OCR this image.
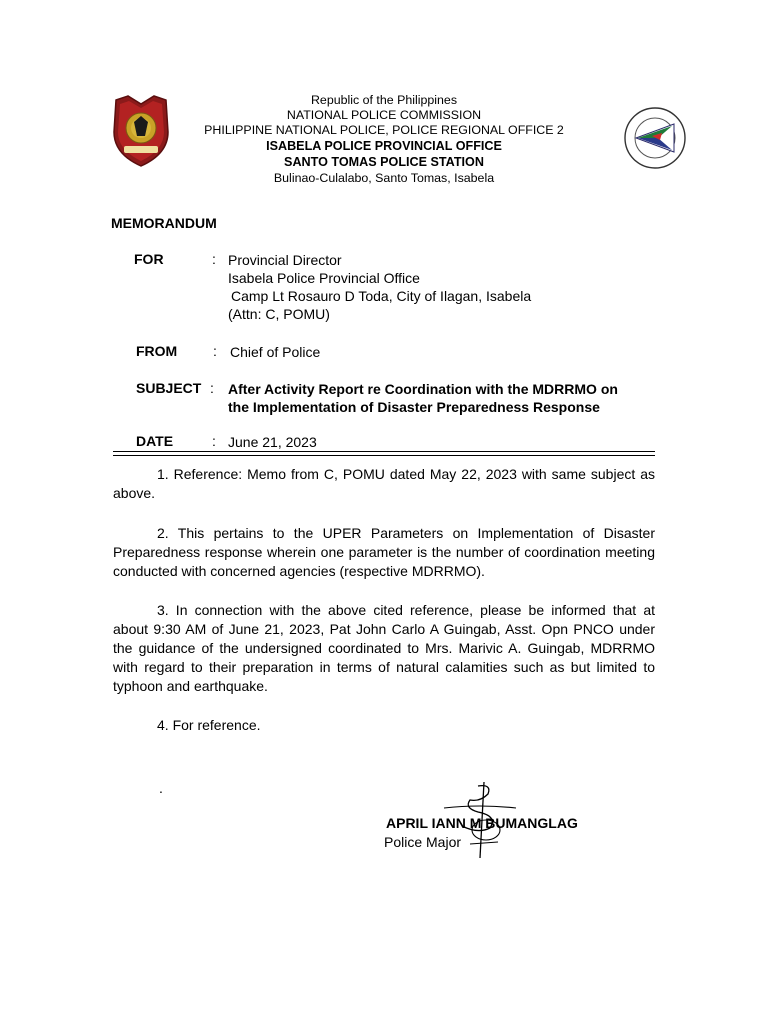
Republic of the Philippines
NATIONAL POLICE COMMISSION
PHILIPPINE NATIONAL POLICE, POLICE REGIONAL OFFICE 2
ISABELA POLICE PROVINCIAL OFFICE
SANTO TOMAS POLICE STATION
Bulinao-Culalabo, Santo Tomas, Isabela
MEMORANDUM
FOR	: Provincial Director
Isabela Police Provincial Office
Camp Lt Rosauro D Toda, City of Ilagan, Isabela
(Attn: C, POMU)
FROM	: Chief of Police
SUBJECT : After Activity Report re Coordination with the MDRRMO on
the Implementation of Disaster Preparedness Response
DATE	: June 21, 2023
1. Reference: Memo from C, POMU dated May 22, 2023 with same subject as above.
2. This pertains to the UPER Parameters on Implementation of Disaster Preparedness response wherein one parameter is the number of coordination meeting conducted with concerned agencies (respective MDRRMO).
3. In connection with the above cited reference, please be informed that at about 9:30 AM of June 21, 2023, Pat John Carlo A Guingab, Asst. Opn PNCO under the guidance of the undersigned coordinated to Mrs. Marivic A. Guingab, MDRRMO with regard to their preparation in terms of natural calamities such as but limited to typhoon and earthquake.
4. For reference.
.
APRIL IANN M BUMANGLAG
Police Major
